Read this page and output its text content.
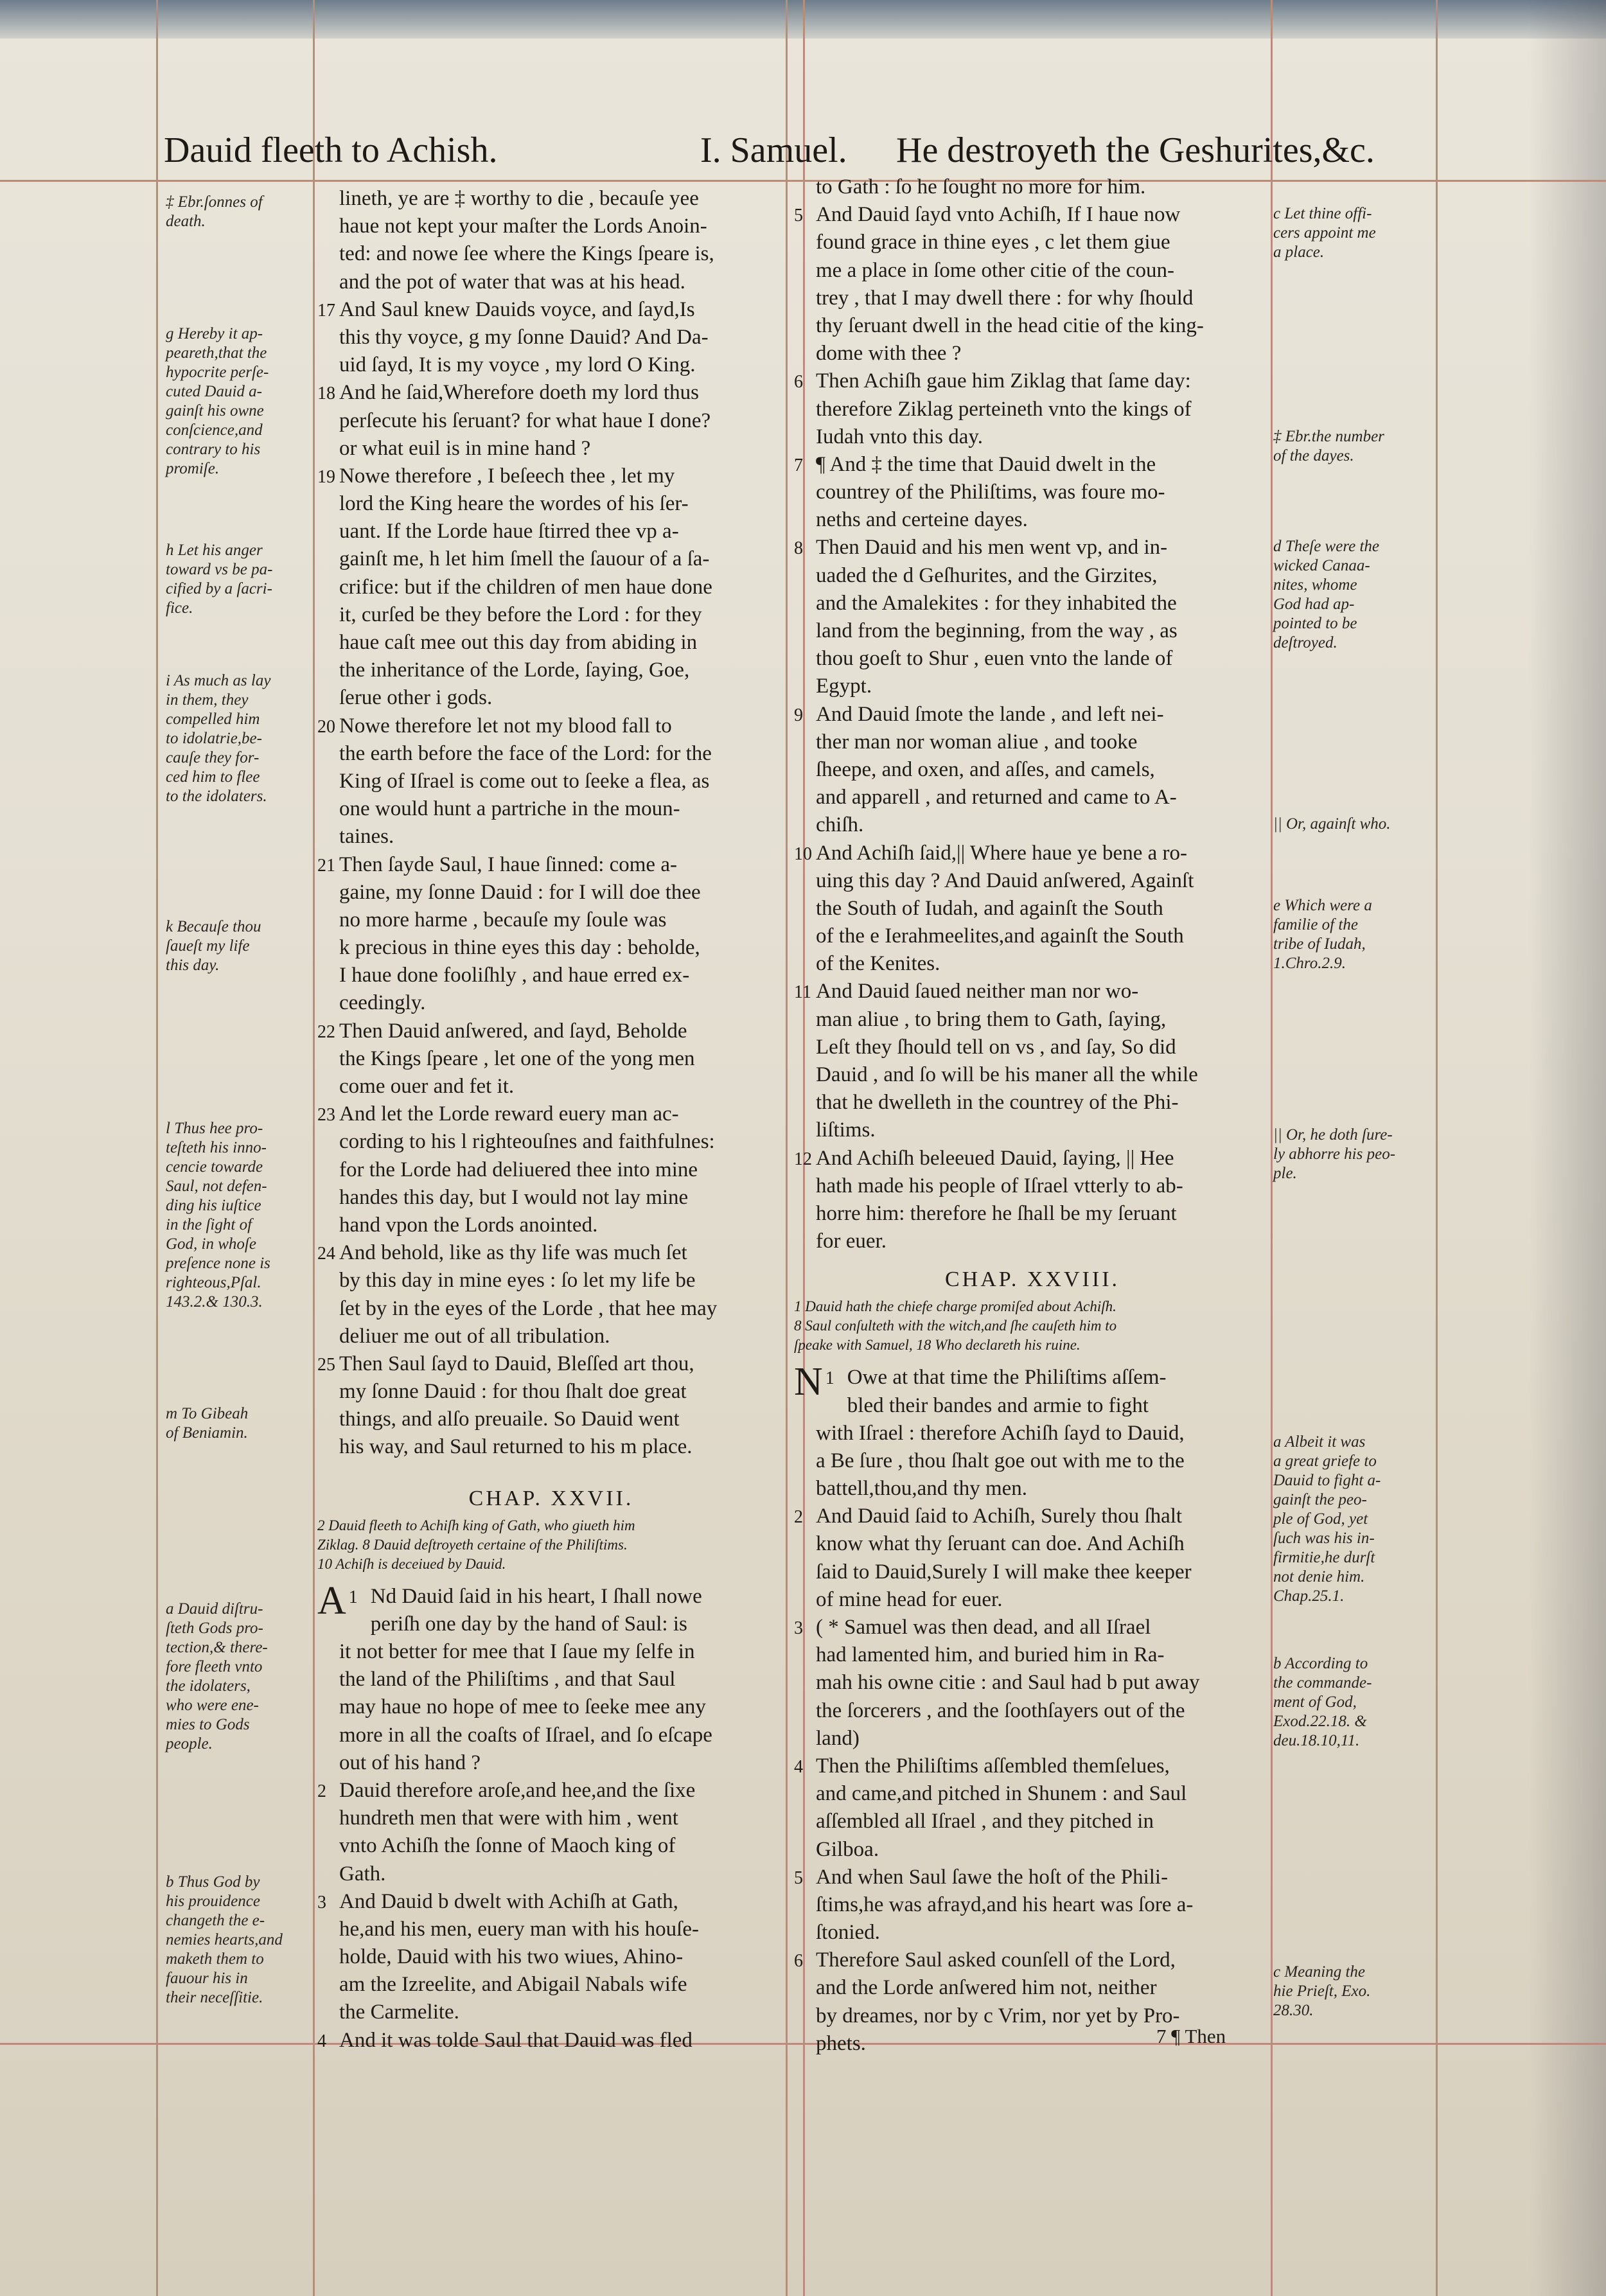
Dauid fleeth to Achish.	I. Samuel. He destroyeth the Geshurites,&c.
lineth, ye are ‡ worthy to die , becauſe yee
haue not kept your maſter the Lords Anoin-
ted: and nowe ſee where the Kings ſpeare is,
and the pot of water that was at his head.
17 And Saul knew Dauids voyce, and ſayd,Is
this thy voyce, g my ſonne Dauid? And Da-
uid ſayd, It is my voyce , my lord O King.
18 And he ſaid,Wherefore doeth my lord thus
perſecute his ſeruant? for what haue I done?
or what euil is in mine hand ?
19 Nowe therefore , I beſeech thee , let my
lord the King heare the wordes of his ſer-
uant. If the Lorde haue ſtirred thee vp a-
gainſt me, h let him ſmell the ſauour of a ſa-
crifice: but if the children of men haue done
it, curſed be they before the Lord : for they
haue caſt mee out this day from abiding in
the inheritance of the Lorde, ſaying, Goe,
ſerue other i gods.
20 Nowe therefore let not my blood fall to
the earth before the face of the Lord: for the
King of Iſrael is come out to ſeeke a flea, as
one would hunt a partriche in the moun-
taines.
21 Then ſayde Saul, I haue ſinned: come a-
gaine, my ſonne Dauid : for I will doe thee
no more harme , becauſe my ſoule was
k precious in thine eyes this day : beholde,
I haue done fooliſhly , and haue erred ex-
ceedingly.
22 Then Dauid anſwered, and ſayd, Beholde
the Kings ſpeare , let one of the yong men
come ouer and fet it.
23 And let the Lorde reward euery man ac-
cording to his l righteouſnes and faithfulnes:
for the Lorde had deliuered thee into mine
handes this day, but I would not lay mine
hand vpon the Lords anointed.
24 And behold, like as thy life was much ſet
by this day in mine eyes : ſo let my life be
ſet by in the eyes of the Lorde , that hee may
deliuer me out of all tribulation.
25 Then Saul ſayd to Dauid, Bleſſed art thou,
my ſonne Dauid : for thou ſhalt doe great
things, and alſo preuaile. So Dauid went
his way, and Saul returned to his m place.
CHAP. XXVII.
2 Dauid fleeth to Achiſh king of Gath, who giueth him
Ziklag. 8 Dauid deſtroyeth certaine of the Philiſtims.
10 Achiſh is deceiued by Dauid.
1
A Nd Dauid ſaid in his heart, I ſhall nowe
periſh one day by the hand of Saul: is
it not better for mee that I ſaue my ſelfe in
the land of the Philiſtims , and that Saul
may haue no hope of mee to ſeeke mee any
more in all the coaſts of Iſrael, and ſo eſcape
out of his hand ?
2 Dauid therefore aroſe,and hee,and the ſixe
hundreth men that were with him , went
vnto Achiſh the ſonne of Maoch king of
Gath.
3 And Dauid b dwelt with Achiſh at Gath,
he,and his men, euery man with his houſe-
holde, Dauid with his two wiues, Ahino-
am the Izreelite, and Abigail Nabals wife
the Carmelite.
4 And it was tolde Saul that Dauid was fled
to Gath : ſo he ſought no more for him.
5 And Dauid ſayd vnto Achiſh, If I haue now
found grace in thine eyes , c let them giue
me a place in ſome other citie of the coun-
trey , that I may dwell there : for why ſhould
thy ſeruant dwell in the head citie of the king-
dome with thee ?
6 Then Achiſh gaue him Ziklag that ſame day:
therefore Ziklag perteineth vnto the kings of
Iudah vnto this day.
7 ¶ And ‡ the time that Dauid dwelt in the
countrey of the Philiſtims, was foure mo-
neths and certeine dayes.
8 Then Dauid and his men went vp, and in-
uaded the d Geſhurites, and the Girzites,
and the Amalekites : for they inhabited the
land from the beginning, from the way , as
thou goeſt to Shur , euen vnto the lande of
Egypt.
9 And Dauid ſmote the lande , and left nei-
ther man nor woman aliue , and tooke
ſheepe, and oxen, and aſſes, and camels,
and apparell , and returned and came to A-
chiſh.
10 And Achiſh ſaid,|| Where haue ye bene a ro-
uing this day ? And Dauid anſwered, Againſt
the South of Iudah, and againſt the South
of the e Ierahmeelites,and againſt the South
of the Kenites.
11 And Dauid ſaued neither man nor wo-
man aliue , to bring them to Gath, ſaying,
Leſt they ſhould tell on vs , and ſay, So did
Dauid , and ſo will be his maner all the while
that he dwelleth in the countrey of the Phi-
liſtims.
12 And Achiſh beleeued Dauid, ſaying, || Hee
hath made his people of Iſrael vtterly to ab-
horre him: therefore he ſhall be my ſeruant
for euer.
CHAP. XXVIII.
1 Dauid hath the chiefe charge promiſed about Achiſh.
8 Saul conſulteth with the witch,and ſhe cauſeth him to
ſpeake with Samuel, 18 Who declareth his ruine.
1
N Owe at that time the Philiſtims aſſem-
bled their bandes and armie to fight
with Iſrael : therefore Achiſh ſayd to Dauid,
a Be ſure , thou ſhalt goe out with me to the
battell,thou,and thy men.
2 And Dauid ſaid to Achiſh, Surely thou ſhalt
know what thy ſeruant can doe. And Achiſh
ſaid to Dauid,Surely I will make thee keeper
of mine head for euer.
3 ( * Samuel was then dead, and all Iſrael
had lamented him, and buried him in Ra-
mah his owne citie : and Saul had b put away
the ſorcerers , and the ſoothſayers out of the
land)
4 Then the Philiſtims aſſembled themſelues,
and came,and pitched in Shunem : and Saul
aſſembled all Iſrael , and they pitched in
Gilboa.
5 And when Saul ſawe the hoſt of the Phili-
ſtims,he was afrayd,and his heart was ſore a-
ſtonied.
6 Therefore Saul asked counſell of the Lord,
and the Lorde anſwered him not, neither
by dreames, nor by c Vrim, nor yet by Pro-
phets.	7 ¶ Then
‡ Ebr.ſonnes of
death.
g Hereby it ap-
peareth,that the
hypocrite perſe-
cuted Dauid a-
gainſt his owne
conſcience,and
contrary to his
promiſe.
h Let his anger
toward vs be pa-
cified by a ſacri-
fice.
i As much as lay
in them, they
compelled him
to idolatrie,be-
cauſe they for-
ced him to flee
to the idolaters.
k Becauſe thou
ſaueſt my life
this day.
l Thus hee pro-
teſteth his inno-
cencie towarde
Saul, not defen-
ding his iuſtice
in the ſight of
God, in whoſe
preſence none is
righteous,Pſal.
143.2.& 130.3.
m To Gibeah
of Beniamin.
a Dauid diſtru-
ſteth Gods pro-
tection,& there-
fore fleeth vnto
the idolaters,
who were ene-
mies to Gods
people.
b Thus God by
his prouidence
changeth the e-
nemies hearts,and
maketh them to
fauour his in
their neceſſitie.
c Let thine offi-
cers appoint me
a place.
‡ Ebr.the number
of the dayes.
d Theſe were the
wicked Canaa-
nites, whome
God had ap-
pointed to be
deſtroyed.
|| Or, againſt who.
e Which were a
familie of the
tribe of Iudah,
1.Chro.2.9.
|| Or, he doth ſure-
ly abhorre his peo-
ple.
a Albeit it was
a great griefe to
Dauid to fight a-
gainſt the peo-
ple of God, yet
ſuch was his in-
firmitie,he durſt
not denie him.
Chap.25.1.
b According to
the commande-
ment of God,
Exod.22.18. &
deu.18.10,11.
c Meaning the
hie Prieſt, Exo.
28.30.
